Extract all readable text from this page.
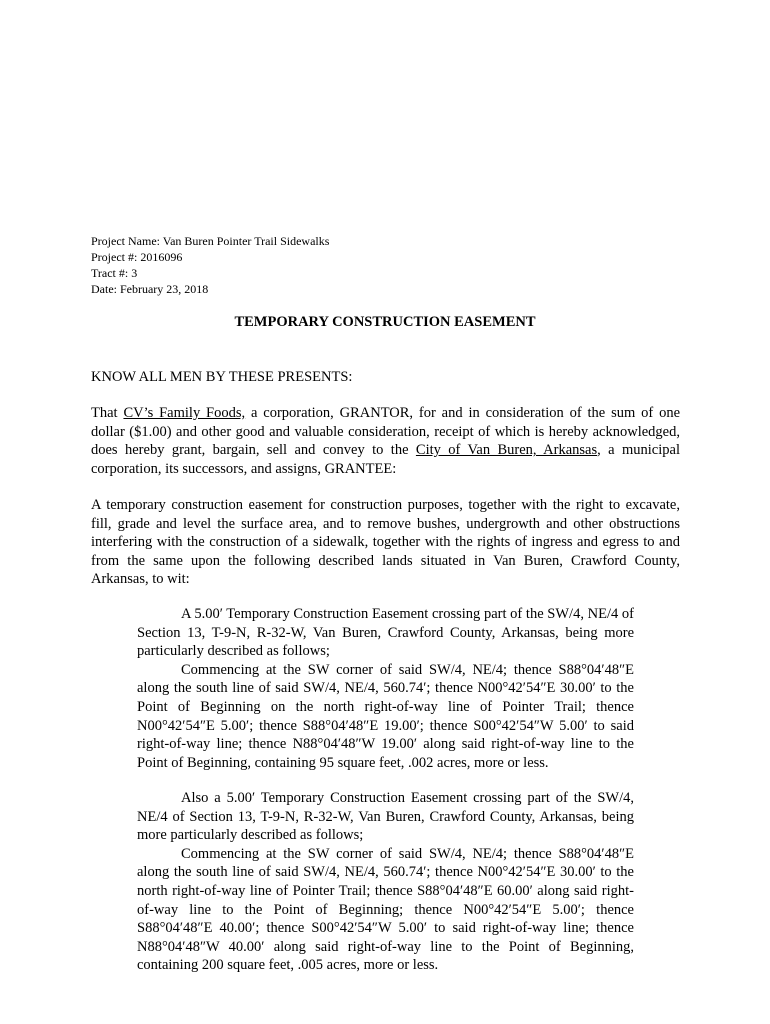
Project Name: Van Buren Pointer Trail Sidewalks
Project #: 2016096
Tract #: 3
Date: February 23, 2018
TEMPORARY CONSTRUCTION EASEMENT
KNOW ALL MEN BY THESE PRESENTS:
That CV’s Family Foods, a corporation, GRANTOR, for and in consideration of the sum of one dollar ($1.00) and other good and valuable consideration, receipt of which is hereby acknowledged, does hereby grant, bargain, sell and convey to the City of Van Buren, Arkansas, a municipal corporation, its successors, and assigns, GRANTEE:
A temporary construction easement for construction purposes, together with the right to excavate, fill, grade and level the surface area, and to remove bushes, undergrowth and other obstructions interfering with the construction of a sidewalk, together with the rights of ingress and egress to and from the same upon the following described lands situated in Van Buren, Crawford County, Arkansas, to wit:

A 5.00′ Temporary Construction Easement crossing part of the SW/4, NE/4 of Section 13, T-9-N, R-32-W, Van Buren, Crawford County, Arkansas, being more particularly described as follows;

Commencing at the SW corner of said SW/4, NE/4; thence S88°04′48″E along the south line of said SW/4, NE/4, 560.74′; thence N00°42′54″E 30.00′ to the Point of Beginning on the north right-of-way line of Pointer Trail; thence N00°42′54″E 5.00′; thence S88°04′48″E 19.00′; thence S00°42′54″W 5.00′ to said right-of-way line; thence N88°04′48″W 19.00′ along said right-of-way line to the Point of Beginning, containing 95 square feet, .002 acres, more or less.

Also a 5.00′ Temporary Construction Easement crossing part of the SW/4, NE/4 of Section 13, T-9-N, R-32-W, Van Buren, Crawford County, Arkansas, being more particularly described as follows;

Commencing at the SW corner of said SW/4, NE/4; thence S88°04′48″E along the south line of said SW/4, NE/4, 560.74′; thence N00°42′54″E 30.00′ to the north right-of-way line of Pointer Trail; thence S88°04′48″E 60.00′ along said right-of-way line to the Point of Beginning; thence N00°42′54″E 5.00′; thence S88°04′48″E 40.00′; thence S00°42′54″W 5.00′ to said right-of-way line; thence N88°04′48″W 40.00′ along said right-of-way line to the Point of Beginning, containing 200 square feet, .005 acres, more or less.
